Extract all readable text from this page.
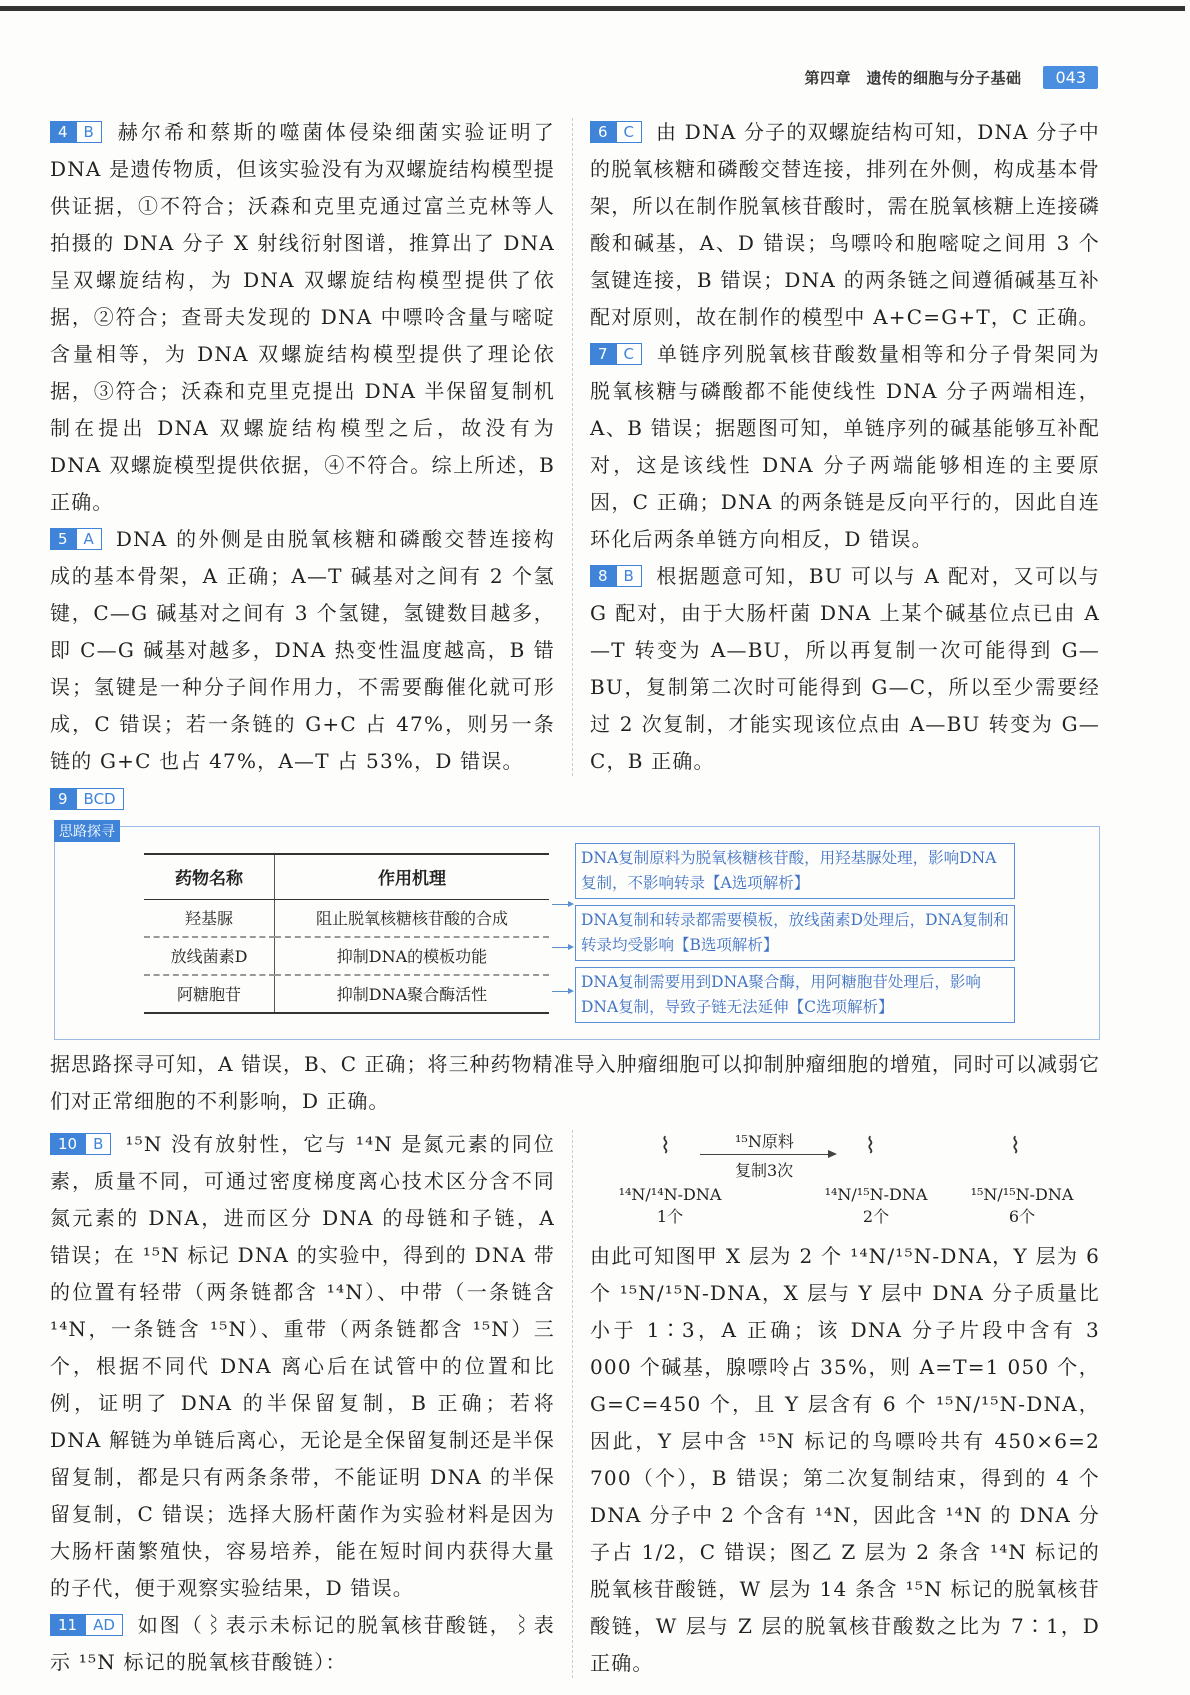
第四章　遗传的细胞与分子基础	043

4	B	赫尔希和蔡斯的噬菌体侵染细菌实验证明了DNA 是遗传物质，但该实验没有为双螺旋结构模型提供证据，①不符合；沃森和克里克通过富兰克林等人拍摄的 DNA 分子 X 射线衍射图谱，推算出了 DNA 呈双螺旋结构，为 DNA 双螺旋结构模型提供了依据，②符合；查哥夫发现的 DNA 中嘌呤含量与嘧啶含量相等，为 DNA 双螺旋结构模型提供了理论依据，③符合；沃森和克里克提出 DNA 半保留复制机制在提出 DNA 双螺旋结构模型之后，故没有为 DNA 双螺旋模型提供依据，④不符合。综上所述，B 正确。

5	A	DNA 的外侧是由脱氧核糖和磷酸交替连接构成的基本骨架，A 正确；A—T 碱基对之间有 2 个氢键，C—G 碱基对之间有 3 个氢键，氢键数目越多，即 C—G 碱基对越多，DNA 热变性温度越高，B 错误；氢键是一种分子间作用力，不需要酶催化就可形成，C 错误；若一条链的 G+C 占 47%，则另一条链的 G+C 也占 47%，A—T 占 53%，D 错误。

6	C	由 DNA 分子的双螺旋结构可知，DNA 分子中的脱氧核糖和磷酸交替连接，排列在外侧，构成基本骨架，所以在制作脱氧核苷酸时，需在脱氧核糖上连接磷酸和碱基，A、D 错误；鸟嘌呤和胞嘧啶之间用 3 个氢键连接，B 错误；DNA 的两条链之间遵循碱基互补配对原则，故在制作的模型中 A+C=G+T，C 正确。

7	C	单链序列脱氧核苷酸数量相等和分子骨架同为脱氧核糖与磷酸都不能使线性 DNA 分子两端相连，A、B 错误；据题图可知，单链序列的碱基能够互补配对，这是该线性 DNA 分子两端能够相连的主要原因，C 正确；DNA 的两条链是反向平行的，因此自连环化后两条单链方向相反，D 错误。

8	B	根据题意可知，BU 可以与 A 配对，又可以与 G 配对，由于大肠杆菌 DNA 上某个碱基位点已由 A—T 转变为 A—BU，所以再复制一次可能得到 G—BU，复制第二次时可能得到 G—C，所以至少需要经过 2 次复制，才能实现该位点由 A—BU 转变为 G—C，B 正确。

9	BCD
思路探寻
药物名称	作用机理
羟基脲	阻止脱氧核糖核苷酸的合成
放线菌素D	抑制DNA的模板功能
阿糖胞苷	抑制DNA聚合酶活性
DNA复制原料为脱氧核糖核苷酸，用羟基脲处理，影响DNA复制，不影响转录【A选项解析】
DNA复制和转录都需要模板，放线菌素D处理后，DNA复制和转录均受影响【B选项解析】
DNA复制需要用到DNA聚合酶，用阿糖胞苷处理后，影响DNA复制，导致子链无法延伸【C选项解析】
据思路探寻可知，A 错误，B、C 正确；将三种药物精准导入肿瘤细胞可以抑制肿瘤细胞的增殖，同时可以减弱它们对正常细胞的不利影响，D 正确。

10	B	¹⁵N 没有放射性，它与 ¹⁴N 是氮元素的同位素，质量不同，可通过密度梯度离心技术区分含不同氮元素的 DNA，进而区分 DNA 的母链和子链，A 错误；在 ¹⁵N 标记 DNA 的实验中，得到的 DNA 带的位置有轻带（两条链都含 ¹⁴N）、中带（一条链含 ¹⁴N，一条链含 ¹⁵N）、重带（两条链都含 ¹⁵N）三个，根据不同代 DNA 离心后在试管中的位置和比例，证明了 DNA 的半保留复制，B 正确；若将 DNA 解链为单链后离心，无论是全保留复制还是半保留复制，都是只有两条条带，不能证明 DNA 的半保留复制，C 错误；选择大肠杆菌作为实验材料是因为大肠杆菌繁殖快，容易培养，能在短时间内获得大量的子代，便于观察实验结果，D 错误。

11	AD	如图（⌇表示未标记的脱氧核苷酸链，⌇表示 ¹⁵N 标记的脱氧核苷酸链）：

⌇	¹⁵N原料
复制3次
⌇	⌇
¹⁴N/¹⁴N-DNA
1个
¹⁴N/¹⁵N-DNA
2个
¹⁵N/¹⁵N-DNA
6个
由此可知图甲 X 层为 2 个 ¹⁴N/¹⁵N-DNA，Y 层为 6 个 ¹⁵N/¹⁵N-DNA，X 层与 Y 层中 DNA 分子质量比小于 1∶3，A 正确；该 DNA 分子片段中含有 3 000 个碱基，腺嘌呤占 35%，则 A=T=1 050 个，G=C=450 个，且 Y 层含有 6 个 ¹⁵N/¹⁵N-DNA，因此，Y 层中含 ¹⁵N 标记的鸟嘌呤共有 450×6=2 700（个），B 错误；第二次复制结束，得到的 4 个 DNA 分子中 2 个含有 ¹⁴N，因此含 ¹⁴N 的 DNA 分子占 1/2，C 错误；图乙 Z 层为 2 条含 ¹⁴N 标记的脱氧核苷酸链，W 层为 14 条含 ¹⁵N 标记的脱氧核苷酸链，W 层与 Z 层的脱氧核苷酸数之比为 7∶1，D 正确。
